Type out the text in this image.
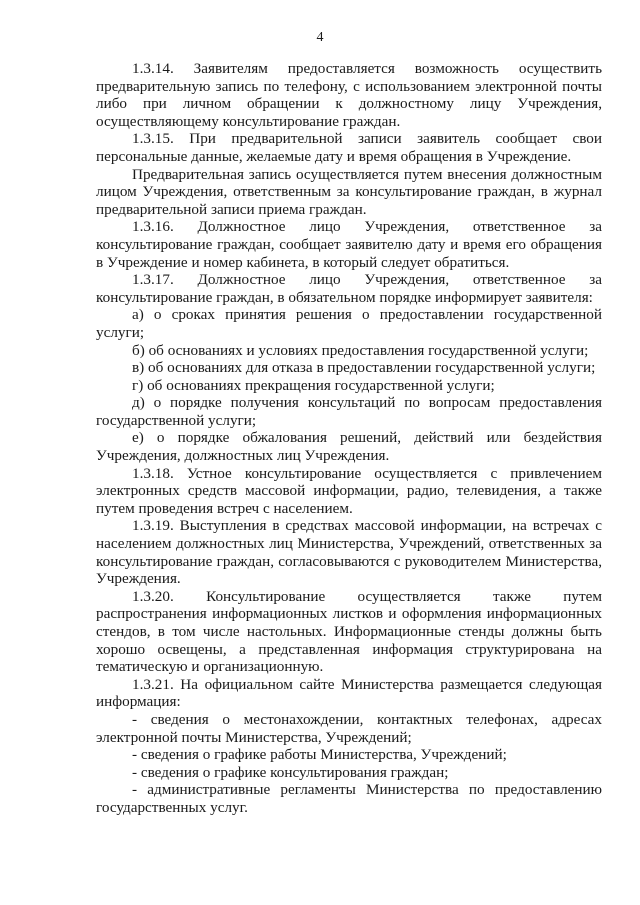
4

1.3.14. Заявителям предоставляется возможность осуществить предварительную запись по телефону, с использованием электронной почты либо при личном обращении к должностному лицу Учреждения, осуществляющему консультирование граждан.

1.3.15. При предварительной записи заявитель сообщает свои персональные данные, желаемые дату и время обращения в Учреждение.

Предварительная запись осуществляется путем внесения должностным лицом Учреждения, ответственным за консультирование граждан, в журнал предварительной записи приема граждан.

1.3.16. Должностное лицо Учреждения, ответственное за консультирование граждан, сообщает заявителю дату и время его обращения в Учреждение и номер кабинета, в который следует обратиться.

1.3.17. Должностное лицо Учреждения, ответственное за консультирование граждан, в обязательном порядке информирует заявителя:

а) о сроках принятия решения о предоставлении государственной услуги;

б) об основаниях и условиях предоставления государственной услуги;

в) об основаниях для отказа в предоставлении государственной услуги;

г) об основаниях прекращения государственной услуги;

д) о порядке получения консультаций по вопросам предоставления государственной услуги;

е) о порядке обжалования решений, действий или бездействия Учреждения, должностных лиц Учреждения.

1.3.18. Устное консультирование осуществляется с привлечением электронных средств массовой информации, радио, телевидения, а также путем проведения встреч с населением.

1.3.19. Выступления в средствах массовой информации, на встречах с населением должностных лиц Министерства, Учреждений, ответственных за консультирование граждан, согласовываются с руководителем Министерства, Учреждения.

1.3.20. Консультирование осуществляется также путем распространения информационных листков и оформления информационных стендов, в том числе настольных. Информационные стенды должны быть хорошо освещены, а представленная информация структурирована на тематическую и организационную.

1.3.21. На официальном сайте Министерства размещается следующая информация:

- сведения о местонахождении, контактных телефонах, адресах электронной почты Министерства, Учреждений;

- сведения о графике работы Министерства, Учреждений;

- сведения о графике консультирования граждан;

- административные регламенты Министерства по предоставлению государственных услуг.
